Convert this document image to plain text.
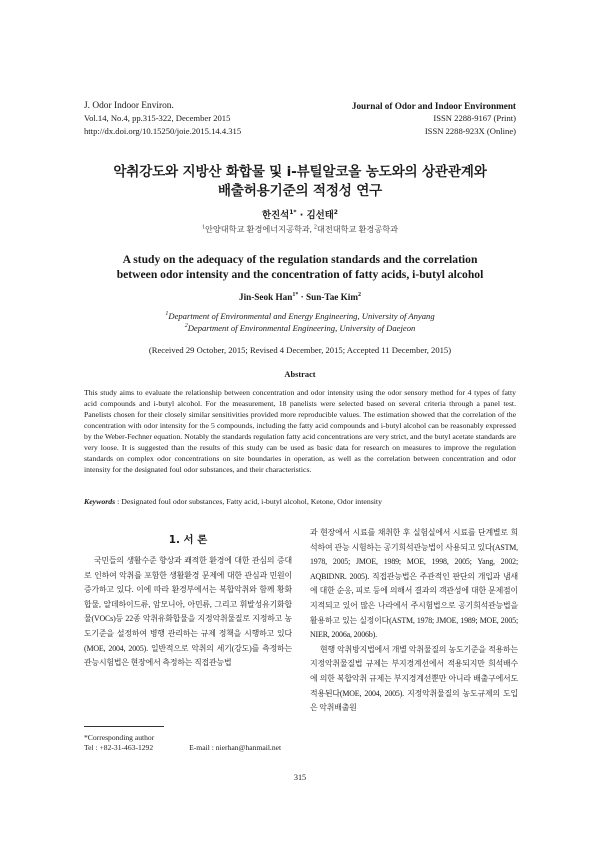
J. Odor Indoor Environ.
Vol.14, No.4, pp.315-322, December 2015
http://dx.doi.org/10.15250/joie.2015.14.4.315
Journal of Odor and Indoor Environment
ISSN 2288-9167 (Print)
ISSN 2288-923X (Online)
악취강도와 지방산 화합물 및 i-뷰틸알코올 농도와의 상관관계와
배출허용기준의 적정성 연구
한진석$^{1*}$ · 김선태$^2$
$^1$안양대학교 환경에너지공학과, $^2$대전대학교 환경공학과
A study on the adequacy of the regulation standards and the correlation
between odor intensity and the concentration of fatty acids, i-butyl alcohol
Jin-Seok Han$^{1*}$ · Sun-Tae Kim$^2$
$^1$Department of Environmental and Energy Engineering, University of Anyang
$^2$Department of Environmental Engineering, University of Daejeon
(Received 29 October, 2015; Revised 4 December, 2015; Accepted 11 December, 2015)
Abstract
This study aims to evaluate the relationship between concentration and odor intensity using the odor sensory method for 4 types of fatty acid compounds and i-butyl alcohol. For the measurement, 18 panelists were selected based on several criteria through a panel test. Panelists chosen for their closely similar sensitivities provided more reproducible values. The estimation showed that the correlation of the concentration with odor intensity for the 5 compounds, including the fatty acid compounds and i-butyl alcohol can be reasonably expressed by the Weber-Fechner equation. Notably the standards regulation fatty acid concentrations are very strict, and the butyl acetate standards are very loose. It is suggested than the results of this study can be used as basic data for research on measures to improve the regulation standards on complex odor concentrations on site boundaries in operation, as well as the correlation between concentration and odor intensity for the designated foul odor substances, and their characteristics.
Keywords : Designated foul odor substances, Fatty acid, i-butyl alcohol, Ketone, Odor intensity
1. 서 론

국민들의 생활수준 향상과 쾌적한 환경에 대한 관심의 증대로 인하여 악취를 포함한 생활환경 문제에 대한 관심과 민원이 증가하고 있다. 이에 따라 환경부에서는 복합악취와 함께 황화합물, 알데하이드류, 암모니아, 아민류, 그리고 휘발성유기화합물(VOCs)등 22종 악취유화합물을 지정악취물질로 지정하고 농도기준을 설정하여 병행 관리하는 규제 정책을 시행하고 있다(MOE, 2004, 2005). 일반적으로 악취의 세기(강도)를 측정하는 관능시험법은 현장에서 측정하는 직접관능법

과 현장에서 시료를 채취한 후 실험실에서 시료를 단계별로 희석하여 관능 시험하는 공기희석관능법이 사용되고 있다(ASTM, 1978, 2005; JMOE, 1989; MOE, 1998, 2005; Yang, 2002; AQBIDNR. 2005). 직접관능법은 주관적인 판단의 개입과 냄새에 대한 순응, 피로 등에 의해서 결과의 객관성에 대한 문제점이 지적되고 있어 많은 나라에서 주시험법으로 공기희석관능법을 활용하고 있는 실정이다(ASTM, 1978; JMOE, 1989; MOE, 2005; NIER, 2006a, 2006b).

현행 악취방지법에서 개별 악취물질의 농도기준을 적용하는 지정악취물질법 규제는 부지경계선에서 적용되지만 희석배수에 의한 복합악취 규제는 부지경계선뿐만 아니라 배출구에서도 적용된다(MOE, 2004, 2005). 지정악취물질의 농도규제의 도입은 악취배출원

*Corresponding author
Tel : +82-31-463-1292	E-mail : nierhan@hanmail.net
315
